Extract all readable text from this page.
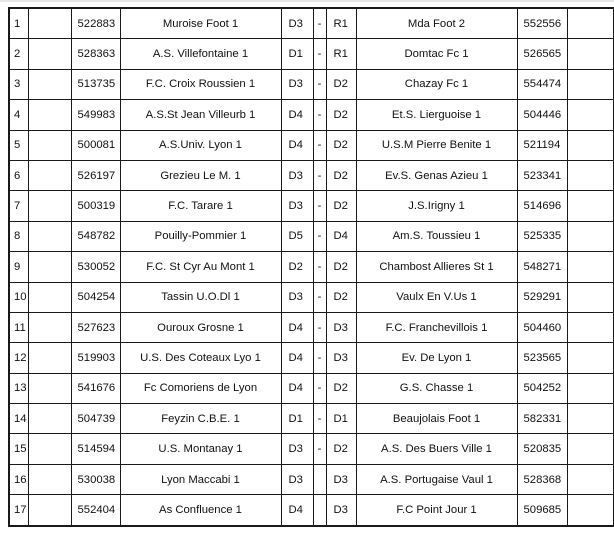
1		522883	Muroise Foot 1	D3	-	R1	Mda Foot 2	552556	
2		528363	A.S. Villefontaine 1	D1	-	R1	Domtac Fc 1	526565	
3		513735	F.C. Croix Roussien 1	D3	-	D2	Chazay Fc 1	554474	
4		549983	A.S.St Jean Villeurb 1	D4	-	D2	Et.S. Lierguoise 1	504446	
5		500081	A.S.Univ. Lyon 1	D4	-	D2	U.S.M Pierre Benite 1	521194	
6		526197	Grezieu Le M. 1	D3	-	D2	Ev.S. Genas Azieu 1	523341	
7		500319	F.C. Tarare 1	D3	-	D2	J.S.Irigny 1	514696	
8		548782	Pouilly-Pommier 1	D5	-	D4	Am.S. Toussieu 1	525335	
9		530052	F.C. St Cyr Au Mont 1	D2	-	D2	Chambost Allieres St 1	548271	
10		504254	Tassin U.O.Dl 1	D3	-	D2	Vaulx En V.Us 1	529291	
11		527623	Ouroux Grosne 1	D4	-	D3	F.C. Franchevillois 1	504460	
12		519903	U.S. Des Coteaux Lyo 1	D4	-	D3	Ev. De Lyon 1	523565	
13		541676	Fc Comoriens de Lyon	D4	-	D2	G.S. Chasse 1	504252	
14		504739	Feyzin C.B.E. 1	D1	-	D1	Beaujolais Foot 1	582331	
15		514594	U.S. Montanay 1	D3	-	D2	A.S. Des Buers Ville 1	520835	
16		530038	Lyon Maccabi 1	D3		D3	A.S. Portugaise Vaul 1	528368	
17		552404	As Confluence 1	D4		D3	F.C Point Jour 1	509685	
